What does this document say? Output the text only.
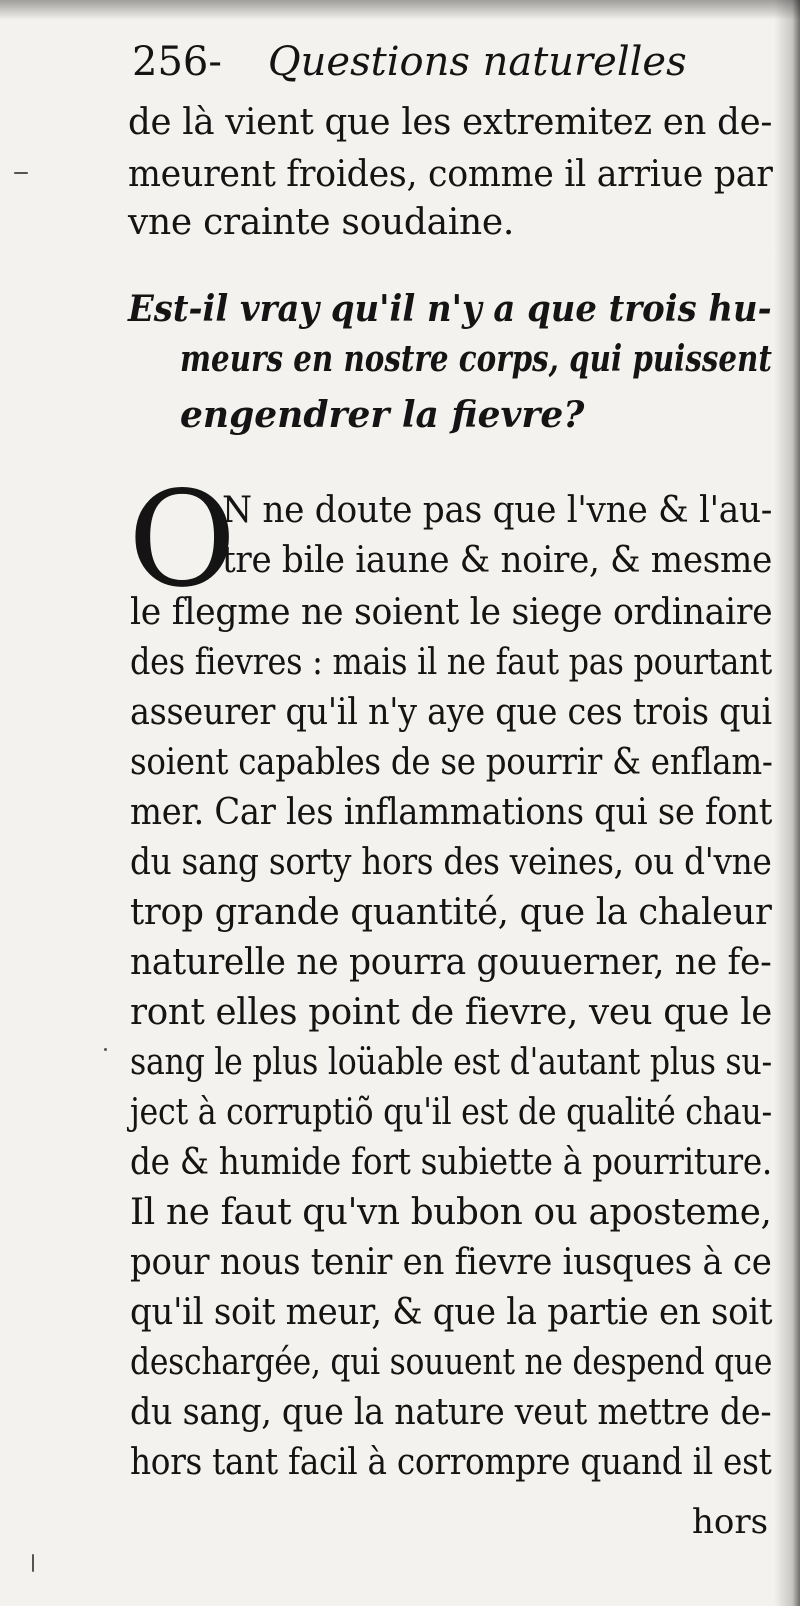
256- Questions naturelles
de là vient que les extremitez en de-
meurent froides, comme il arriue par
vne crainte soudaine.
Est-il vray qu'il n'y a que trois hu-
meurs en nostre corps, qui puissent
engendrer la fievre?
O
N ne doute pas que l'vne & l'au-
tre bile iaune & noire, & mesme
le flegme ne soient le siege ordinaire
des fievres : mais il ne faut pas pourtant
asseurer qu'il n'y aye que ces trois qui
soient capables de se pourrir & enflam-
mer. Car les inflammations qui se font
du sang sorty hors des veines, ou d'vne
trop grande quantité, que la chaleur
naturelle ne pourra gouuerner, ne fe-
ront elles point de fievre, veu que le
sang le plus loüable est d'autant plus su-
ject à corruptiõ qu'il est de qualité chau-
de & humide fort subiette à pourriture.
Il ne faut qu'vn bubon ou aposteme,
pour nous tenir en fievre iusques à ce
qu'il soit meur, & que la partie en soit
deschargée, qui souuent ne despend que
du sang, que la nature veut mettre de-
hors tant facil à corrompre quand il est
hors
